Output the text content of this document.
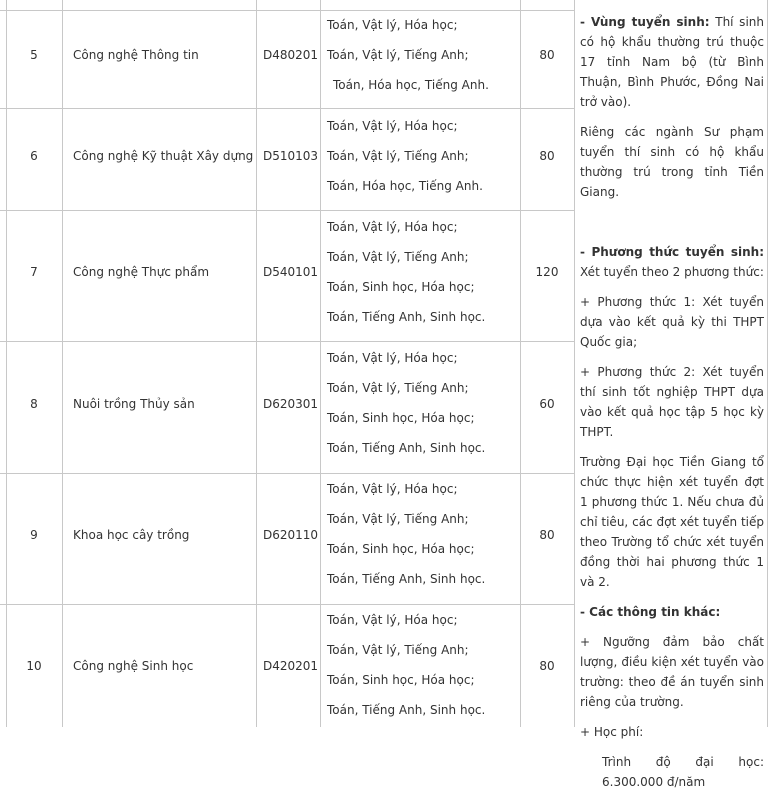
5	Công nghệ Thông tin	D480201
Toán, Vật lý, Hóa học;
Toán, Vật lý, Tiếng Anh;
Toán, Hóa học, Tiếng Anh.
80
6	Công nghệ Kỹ thuật Xây dựng D510103
Toán, Vật lý, Hóa học;
Toán, Vật lý, Tiếng Anh;
Toán, Hóa học, Tiếng Anh.
80
7	Công nghệ Thực phẩm	D540101
Toán, Vật lý, Hóa học;
Toán, Vật lý, Tiếng Anh;
Toán, Sinh học, Hóa học;
Toán, Tiếng Anh, Sinh học.
120
8	Nuôi trồng Thủy sản	D620301
Toán, Vật lý, Hóa học;
Toán, Vật lý, Tiếng Anh;
Toán, Sinh học, Hóa học;
Toán, Tiếng Anh, Sinh học.
60
9	Khoa học cây trồng	D620110
Toán, Vật lý, Hóa học;
Toán, Vật lý, Tiếng Anh;
Toán, Sinh học, Hóa học;
Toán, Tiếng Anh, Sinh học.
80
10	Công nghệ Sinh học	D420201
Toán, Vật lý, Hóa học;
Toán, Vật lý, Tiếng Anh;
Toán, Sinh học, Hóa học;
Toán, Tiếng Anh, Sinh học.
80

- Vùng tuyển sinh: Thí sinh có hộ khẩu thường trú thuộc 17 tỉnh Nam bộ (từ Bình Thuận, Bình Phước, Đồng Nai trở vào).

Riêng các ngành Sư phạm tuyển thí sinh có hộ khẩu thường trú trong tỉnh Tiền Giang.

- Phương thức tuyển sinh: Xét tuyển theo 2 phương thức:

+ Phương thức 1: Xét tuyển dựa vào kết quả kỳ thi THPT Quốc gia;

+ Phương thức 2: Xét tuyển thí sinh tốt nghiệp THPT dựa vào kết quả học tập 5 học kỳ THPT.

Trường Đại học Tiền Giang tổ chức thực hiện xét tuyển đợt 1 phương thức 1. Nếu chưa đủ chỉ tiêu, các đợt xét tuyển tiếp theo Trường tổ chức xét tuyển đồng thời hai phương thức 1 và 2.

- Các thông tin khác:

+ Ngưỡng đảm bảo chất lượng, điều kiện xét tuyển vào trường: theo đề án tuyển sinh riêng của trường.

+ Học phí:

Trình độ đại học: 6.300.000 đ/năm
